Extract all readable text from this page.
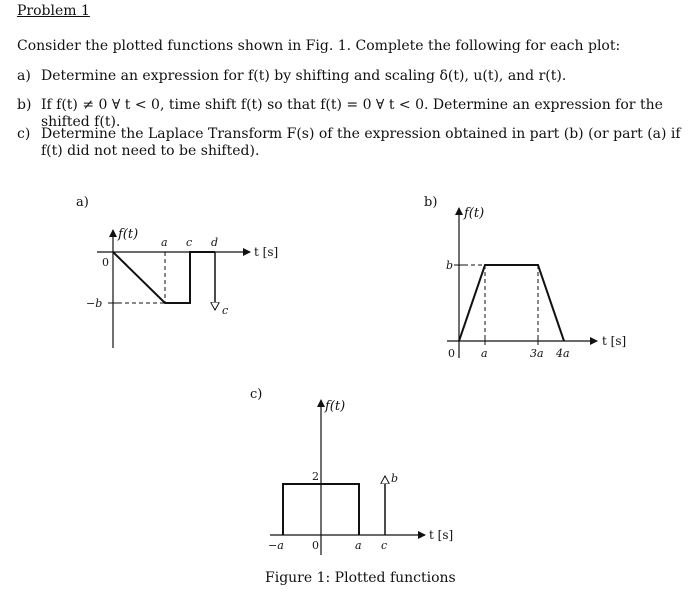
Problem 1
Consider the plotted functions shown in Fig. 1. Complete the following for each plot:
a) Determine an expression for f(t) by shifting and scaling δ(t), u(t), and r(t).
b) If f(t) ≠ 0 ∀ t < 0, time shift f(t) so that f(t) = 0 ∀ t < 0. Determine an expression for the shifted f(t).
c) Determine the Laplace Transform F(s) of the expression obtained in part (b) (or part (a) if f(t) did not need to be shifted).
a)
f(t)
t [s]
0
−b
a c d
c
b)
f(t)
t [s]
0
b
a	3a 4a
c)
f(t)
t [s]
0
2	b
−a	a c
Figure 1: Plotted functions
